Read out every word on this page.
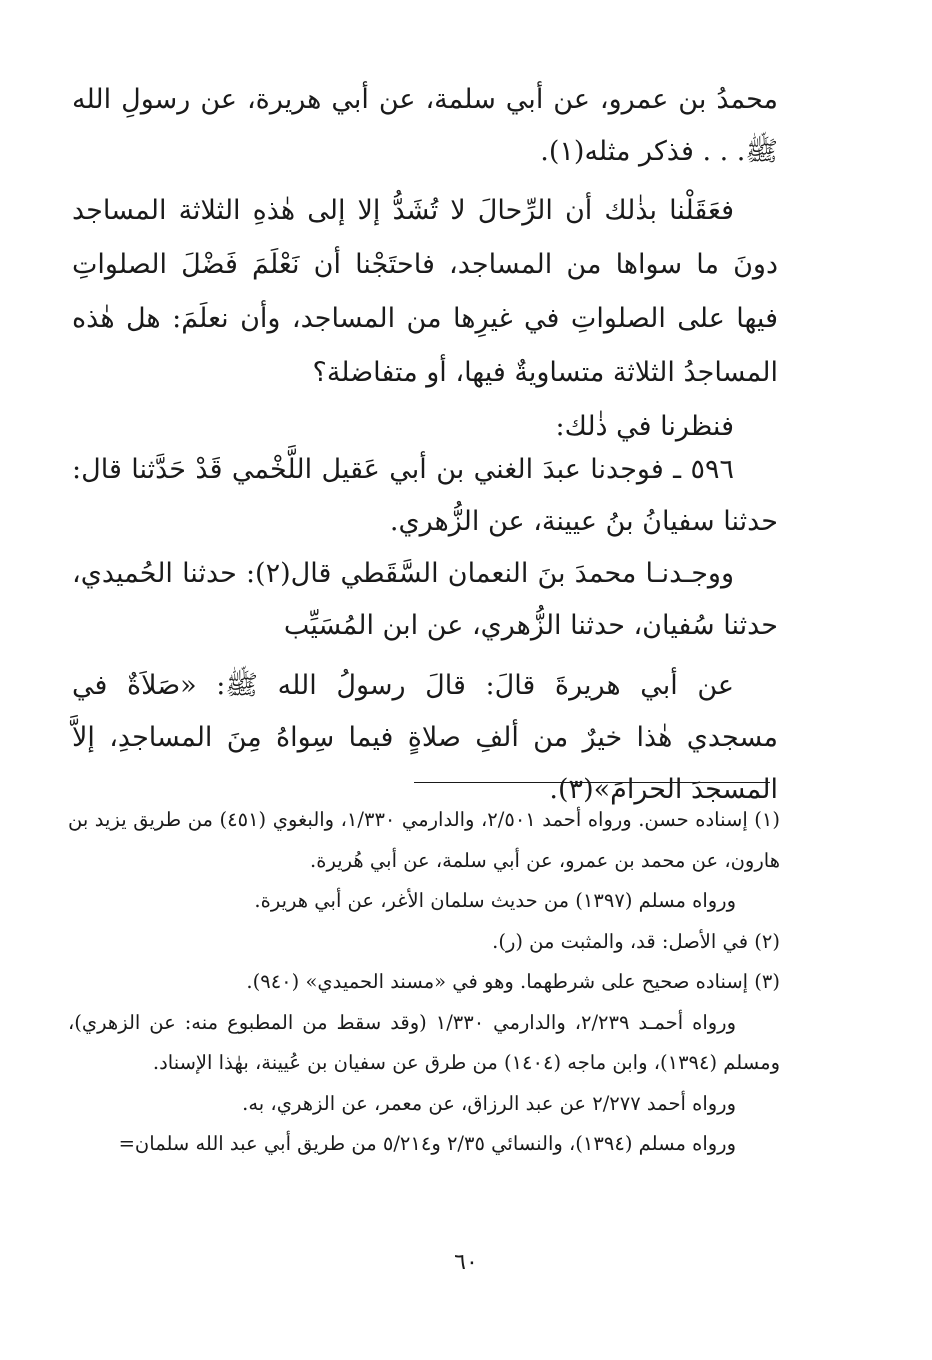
محمدُ بن عمرو، عن أبي سلمة، عن أبي هريرة، عن رسولِ الله ﷺ. . . فذكر مثله(١).

فعَقَلْنا بذٰلك أن الرِّحالَ لا تُشَدُّ إلا إلى هٰذهِ الثلاثة المساجد دونَ ما سواها من المساجد، فاحتَجْنا أن نَعْلَمَ فَضْلَ الصلواتِ فيها على الصلواتِ في غيرِها من المساجد، وأن نعلَمَ: هل هٰذه المساجدُ الثلاثة متساويةٌ فيها، أو متفاضلة؟

فنظرنا في ذٰلك:

٥٩٦ ـ فوجدنا عبدَ الغني بن أبي عَقيل اللَّخْمي قَدْ حَدَّثنا قال: حدثنا سفيانُ بنُ عيينة، عن الزُّهري.

ووجـدنـا محمدَ بنَ النعمان السَّقَطي قال(٢): حدثنا الحُميدي، حدثنا سُفيان، حدثنا الزُّهري، عن ابن المُسَيِّب

عن أبي هريرةَ قالَ: قالَ رسولُ الله ﷺ: «صَلاَةٌ في مسجدي هٰذا خيرٌ من ألفِ صلاةٍ فيما سِواهُ مِنَ المساجدِ، إلاَّ المسجدَ الحرامَ»(٣).

(١) إسناده حسن. ورواه أحمد ٢/٥٠١، والدارمي ١/٣٣٠، والبغوي (٤٥١) من طريق يزيد بن هارون، عن محمد بن عمرو، عن أبي سلمة، عن أبي هُريرة.

ورواه مسلم (١٣٩٧) من حديث سلمان الأغر، عن أبي هريرة.

(٢) في الأصل: قد، والمثبت من (ر).

(٣) إسناده صحيح على شرطهما. وهو في «مسند الحميدي» (٩٤٠).

ورواه أحمـد ٢/٢٣٩، والدارمي ١/٣٣٠ (وقد سقط من المطبوع منه: عن الزهري)، ومسلم (١٣٩٤)، وابن ماجه (١٤٠٤) من طرق عن سفيان بن عُيينة، بهٰذا الإسناد.

ورواه أحمد ٢/٢٧٧ عن عبد الرزاق، عن معمر، عن الزهري، به.

ورواه مسلم (١٣٩٤)، والنسائي ٢/٣٥ و٥/٢١٤ من طريق أبي عبد الله سلمان=

٦٠
